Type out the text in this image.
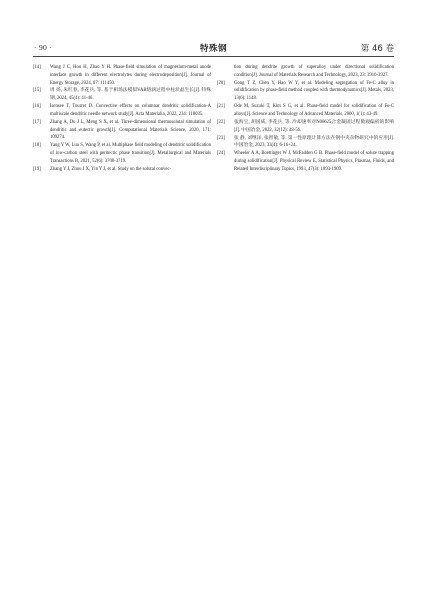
· 90 ·	特殊钢	第 46 卷
[14] Wang J C, Hou H, Zhao Y H. Phase-field simulation of magnesium-metal anode interface growth in different electrolytes during electrodeposition[J]. Journal of Energy Storage, 2024, 87: 111450.
[15] 周 扬, 朱红春, 李花兵, 等. 基于相场法模拟VAR熔滴过程中柱状晶生长[J]. 特殊钢, 2024, 45(4): 41-46.
[16] Isensee T, Tourret D. Convective effects on columnar dendritic solidification-A multiscale dendritic needle network study[J]. Acta Materialia, 2022, 234: 118035.
[17] Zhang A, Du J L, Meng S X, et al. Three-dimensional thermosolutal simulation of dendritic and eutectic growth[J]. Computational Materials Science, 2020, 171: 109274.
[18] Yang Y W, Luo S, Wang P, et al. Multiphase field modeling of dendritic solidification of low-carbon steel with peritectic phase transition[J]. Metallurgical and Materials Transactions B, 2021, 52(6): 3708-3719.
[19] Zhang Y J, Zhou J X, Yin Y J, et al. Study on the solutal convec-
tion during dendrite growth of superalloy under directional solidification condition[J]. Journal of Materials Research and Technology, 2023, 23: 3916-3927.
[20] Gong T Z, Chen Y, Hao W Y, et al. Modeling segregation of Fe-C alloy in solidification by phase-field method coupled with thermodynamics[J]. Metals, 2023, 13(6): 1148.
[21] Ode M, Suzuki T, Kim S G, et al. Phase-field model for solidification of Fe-C alloys[J]. Science and Technology of Advanced Materials, 2000, 1(1): 43-49.
[22] 张海宝, 胡国威, 李花兵, 等. 冷却速率对N06625合金凝固过程微观偏析的影响[J]. 中国冶金, 2022, 32(12): 48-56.
[23] 张 静, 刘继泽, 张智敏, 等. 第一性原理计算方法在钢中夹杂物研究中的应用[J]. 中国冶金, 2023, 33(4): 6-16+24.
[24] Wheeler A A, Boettinger W J, McFadden G B. Phase-field model of solute trapping during solidification[J]. Physical Review E, Statistical Physics, Plasmas, Fluids, and Related Interdisciplinary Topics, 1993, 47(3): 1893-1909.
